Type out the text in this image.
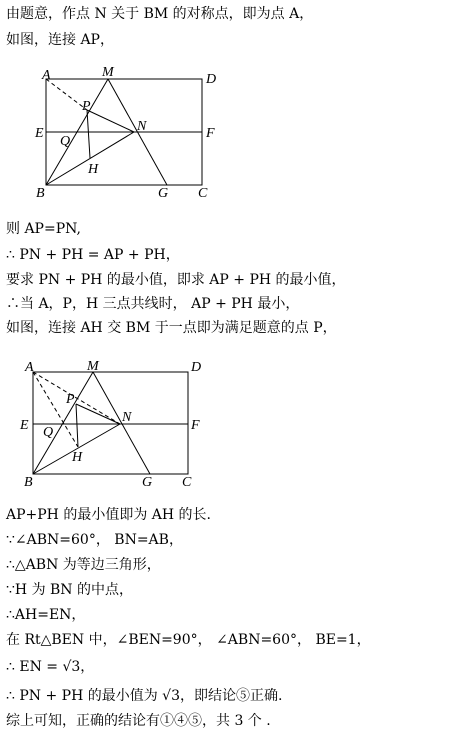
由题意，作点 N 关于 BM 的对称点，即为点 A，
如图，连接 AP，
A	M	D
P
E
Q
N	F
H
B	G C
则 AP=PN,
∴ PN + PH = AP + PH，
要求 PN + PH 的最小值，即求 AP + PH 的最小值，
∴当 A，P，H 三点共线时， AP + PH 最小，
如图，连接 AH 交 BM 于一点即为满足题意的点 P，
A	M	D
P
E Q
N
F
H
B	G C
AP+PH 的最小值即为 AH 的长.
∵∠ABN=60°， BN=AB，
∴△ABN 为等边三角形，
∵H 为 BN 的中点，
∴AH=EN，
在 Rt△BEN 中，∠BEN=90°， ∠ABN=60°， BE=1，
∴ EN = √3，
∴ PN + PH 的最小值为 √3，即结论⑤正确.
综上可知，正确的结论有①④⑤，共 3 个 .
